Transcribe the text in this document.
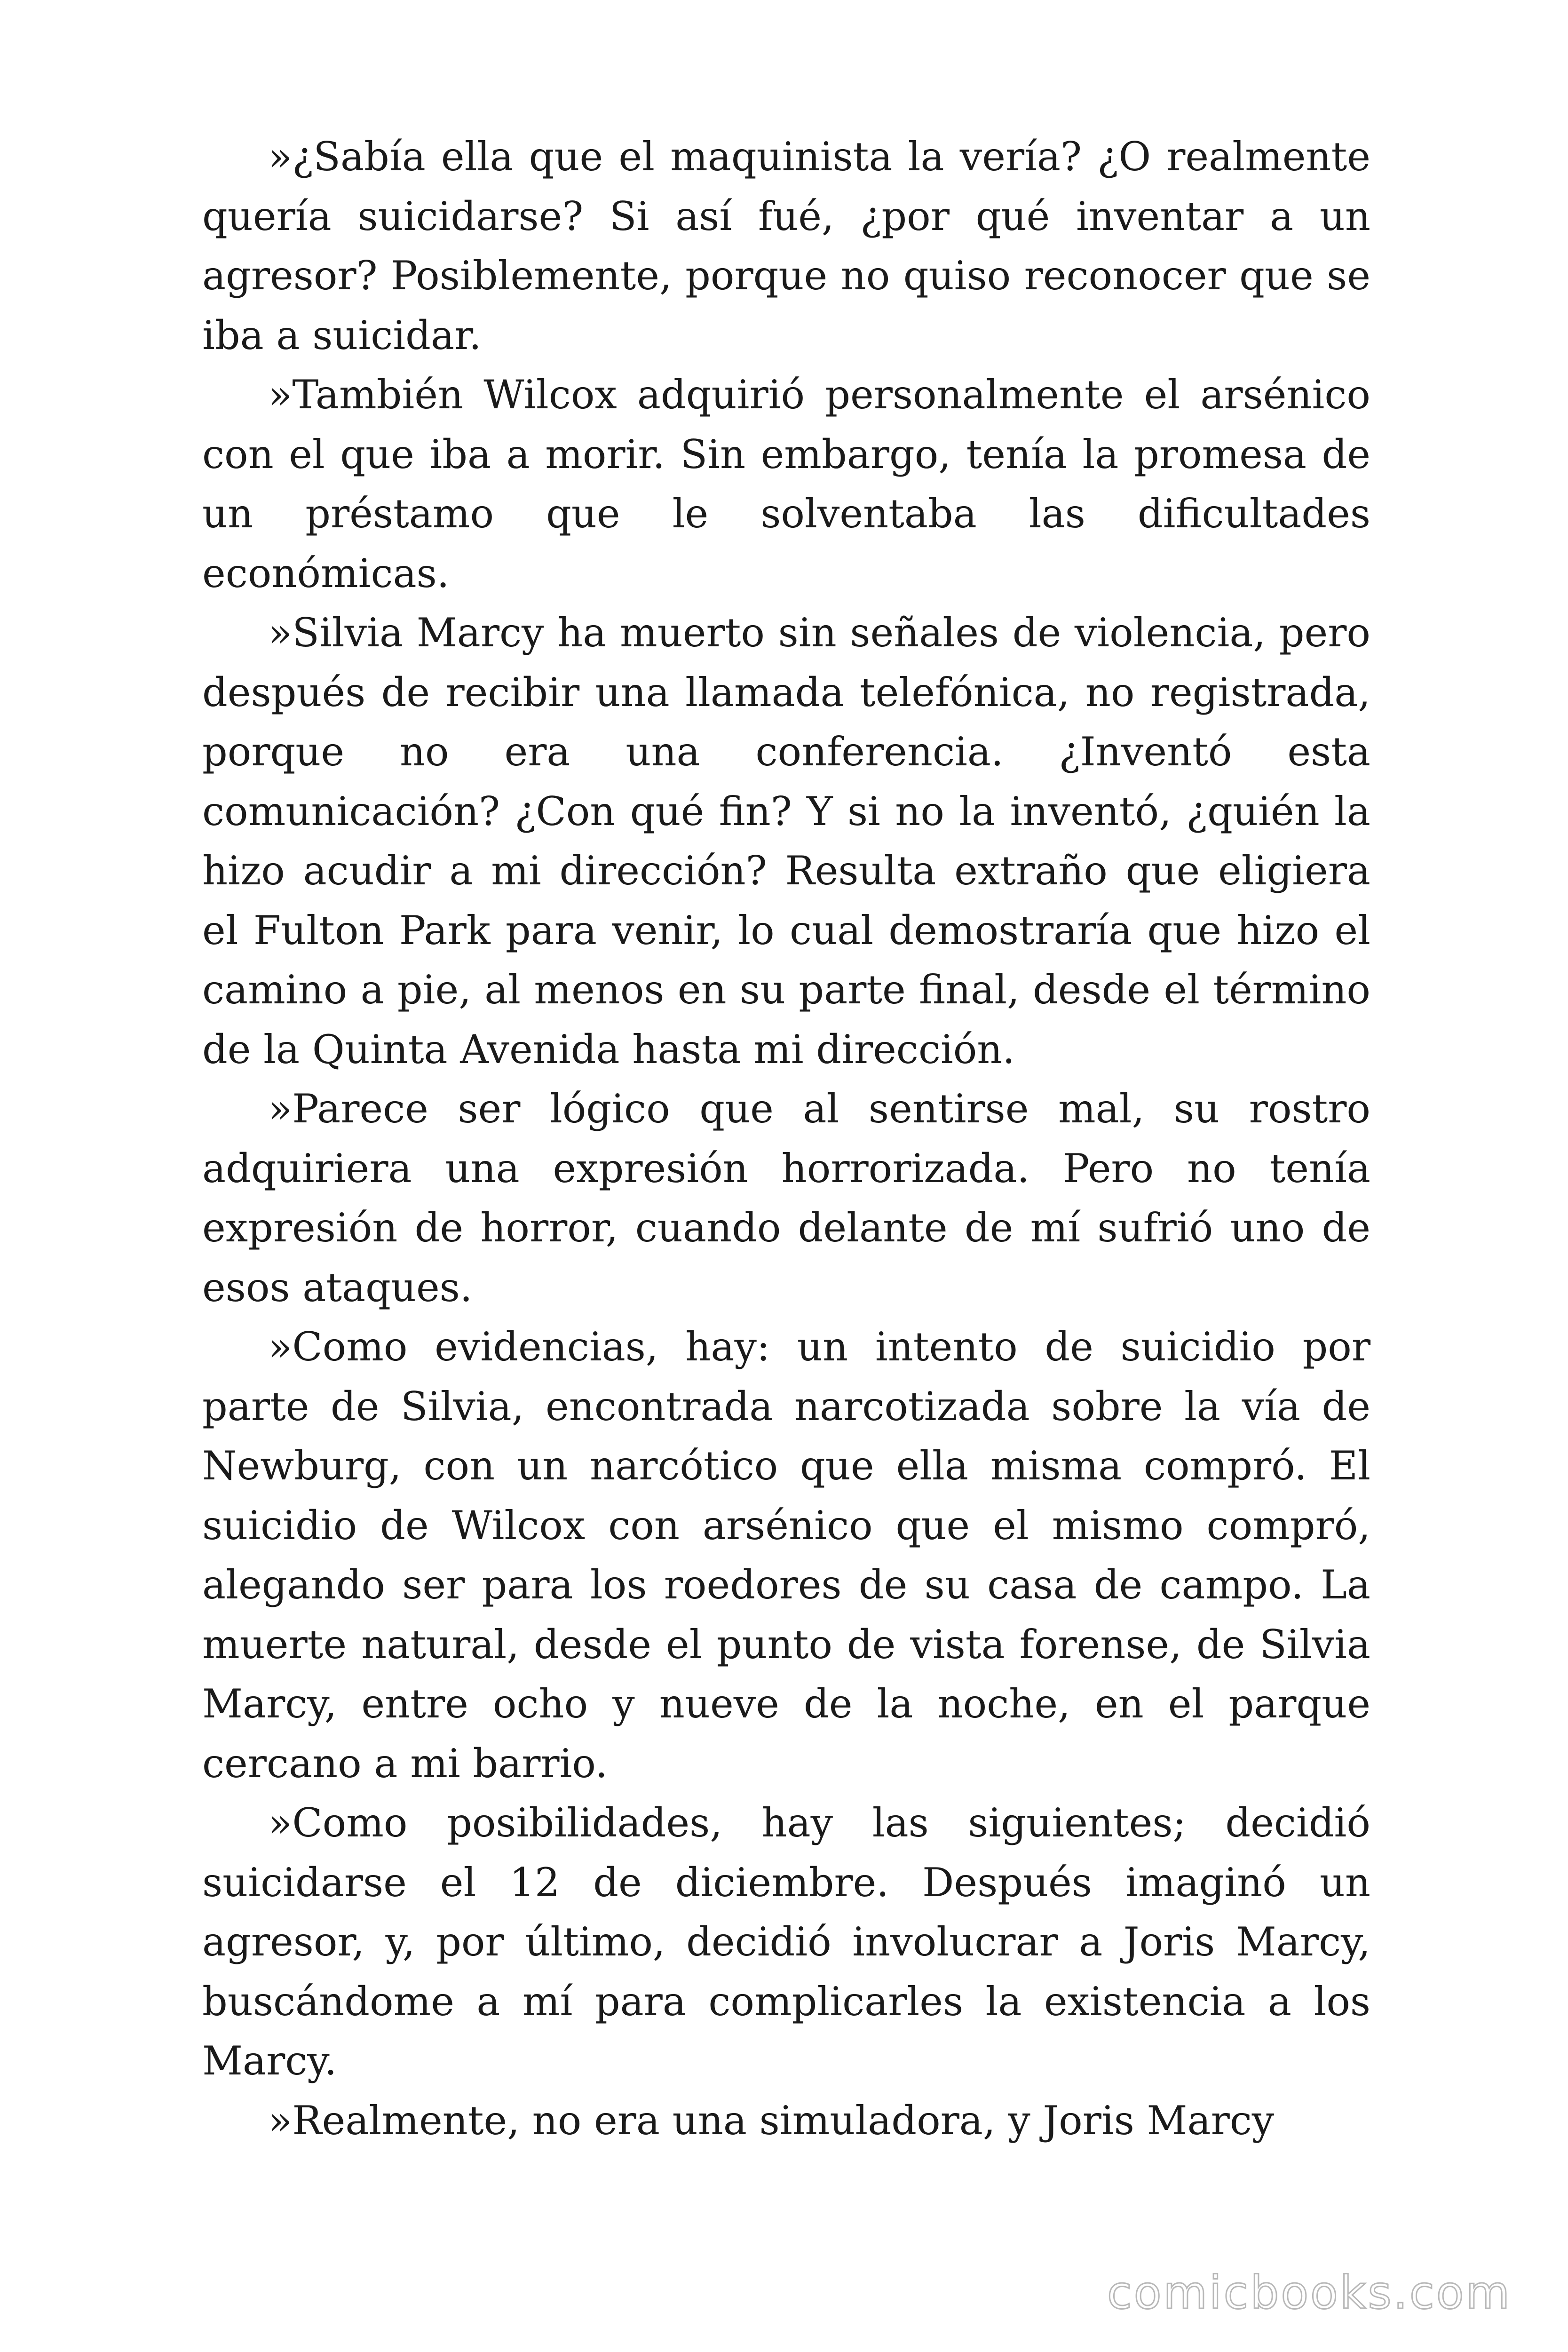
»¿Sabía ella que el maquinista la vería? ¿O realmente quería suicidarse? Si así fué, ¿por qué inventar a un agresor? Posiblemente, porque no quiso reconocer que se iba a suicidar.

»También Wilcox adquirió personalmente el arsénico con el que iba a morir. Sin embargo, tenía la promesa de un préstamo que le solventaba las dificultades económicas.

»Silvia Marcy ha muerto sin señales de violencia, pero después de recibir una llamada telefónica, no registrada, porque no era una conferencia. ¿Inventó esta comunicación? ¿Con qué fin? Y si no la inventó, ¿quién la hizo acudir a mi dirección? Resulta extraño que eligiera el Fulton Park para venir, lo cual demostraría que hizo el camino a pie, al menos en su parte final, desde el término de la Quinta Avenida hasta mi dirección.

»Parece ser lógico que al sentirse mal, su rostro adquiriera una expresión horrorizada. Pero no tenía expresión de horror, cuando delante de mí sufrió uno de esos ataques.

»Como evidencias, hay: un intento de suicidio por parte de Silvia, encontrada narcotizada sobre la vía de Newburg, con un narcótico que ella misma compró. El suicidio de Wilcox con arsénico que el mismo compró, alegando ser para los roedores de su casa de campo. La muerte natural, desde el punto de vista forense, de Silvia Marcy, entre ocho y nueve de la noche, en el parque cercano a mi barrio.

»Como posibilidades, hay las siguientes; decidió suicidarse el 12 de diciembre. Después imaginó un agresor, y, por último, decidió involucrar a Joris Marcy, buscándome a mí para complicarles la existencia a los Marcy.

»Realmente, no era una simuladora, y Joris Marcy

comicbooks.com
